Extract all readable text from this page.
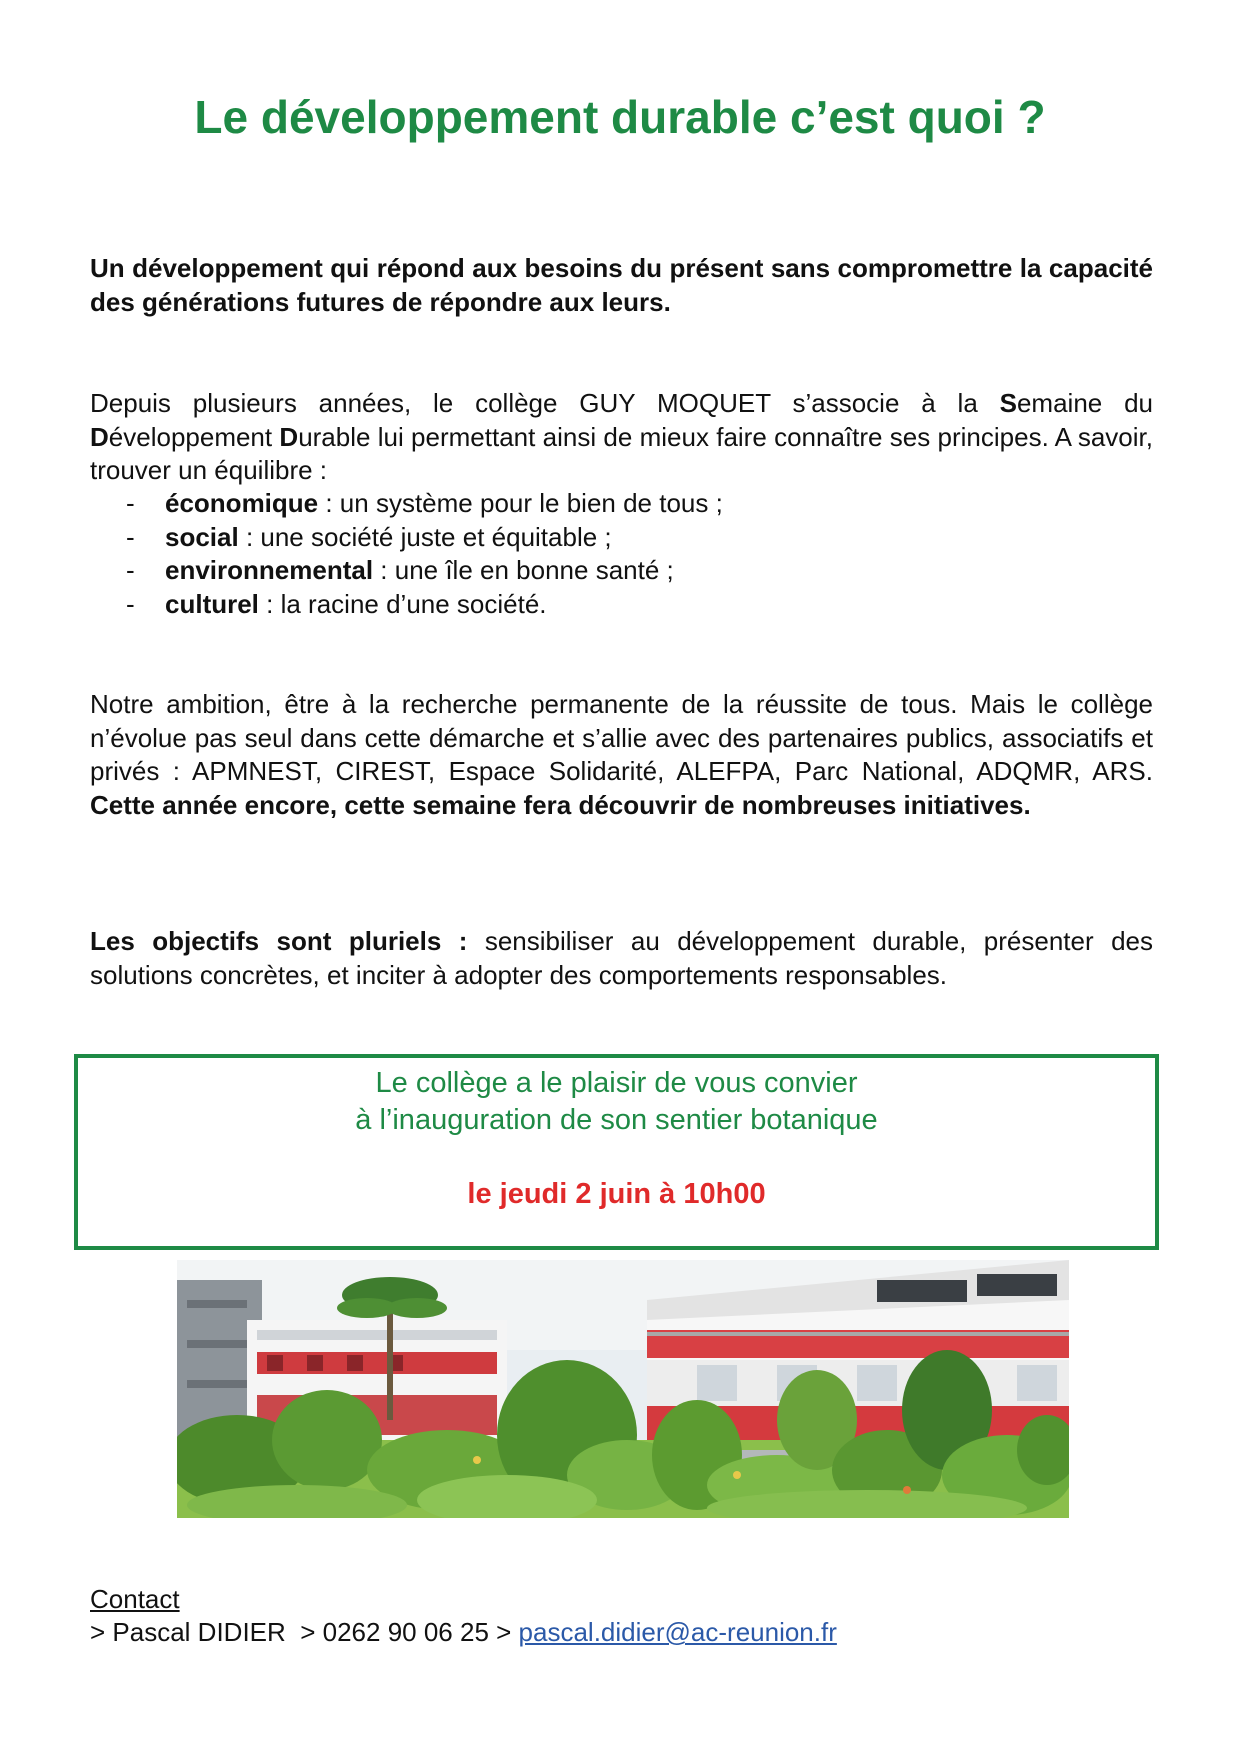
Le développement durable c’est quoi ?

Un développement qui répond aux besoins du présent sans compromettre la capacité des générations futures de répondre aux leurs.

Depuis plusieurs années, le collège GUY MOQUET s’associe à la Semaine du Développement Durable lui permettant ainsi de mieux faire connaître ses principes. A savoir, trouver un équilibre :

- économique : un système pour le bien de tous ;
- social : une société juste et équitable ;
- environnemental : une île en bonne santé ;
- culturel : la racine d’une société.

Notre ambition, être à la recherche permanente de la réussite de tous. Mais le collège n’évolue pas seul dans cette démarche et s’allie avec des partenaires publics, associatifs et privés : APMNEST, CIREST, Espace Solidarité, ALEFPA, Parc National, ADQMR, ARS. Cette année encore, cette semaine fera découvrir de nombreuses initiatives.

Les objectifs sont pluriels : sensibiliser au développement durable, présenter des solutions concrètes, et inciter à adopter des comportements responsables.

Le collège a le plaisir de vous convier
à l’inauguration de son sentier botanique
le jeudi 2 juin à 10h00
Contact

> Pascal DIDIER  > 0262 90 06 25 > pascal.didier@ac-reunion.fr
